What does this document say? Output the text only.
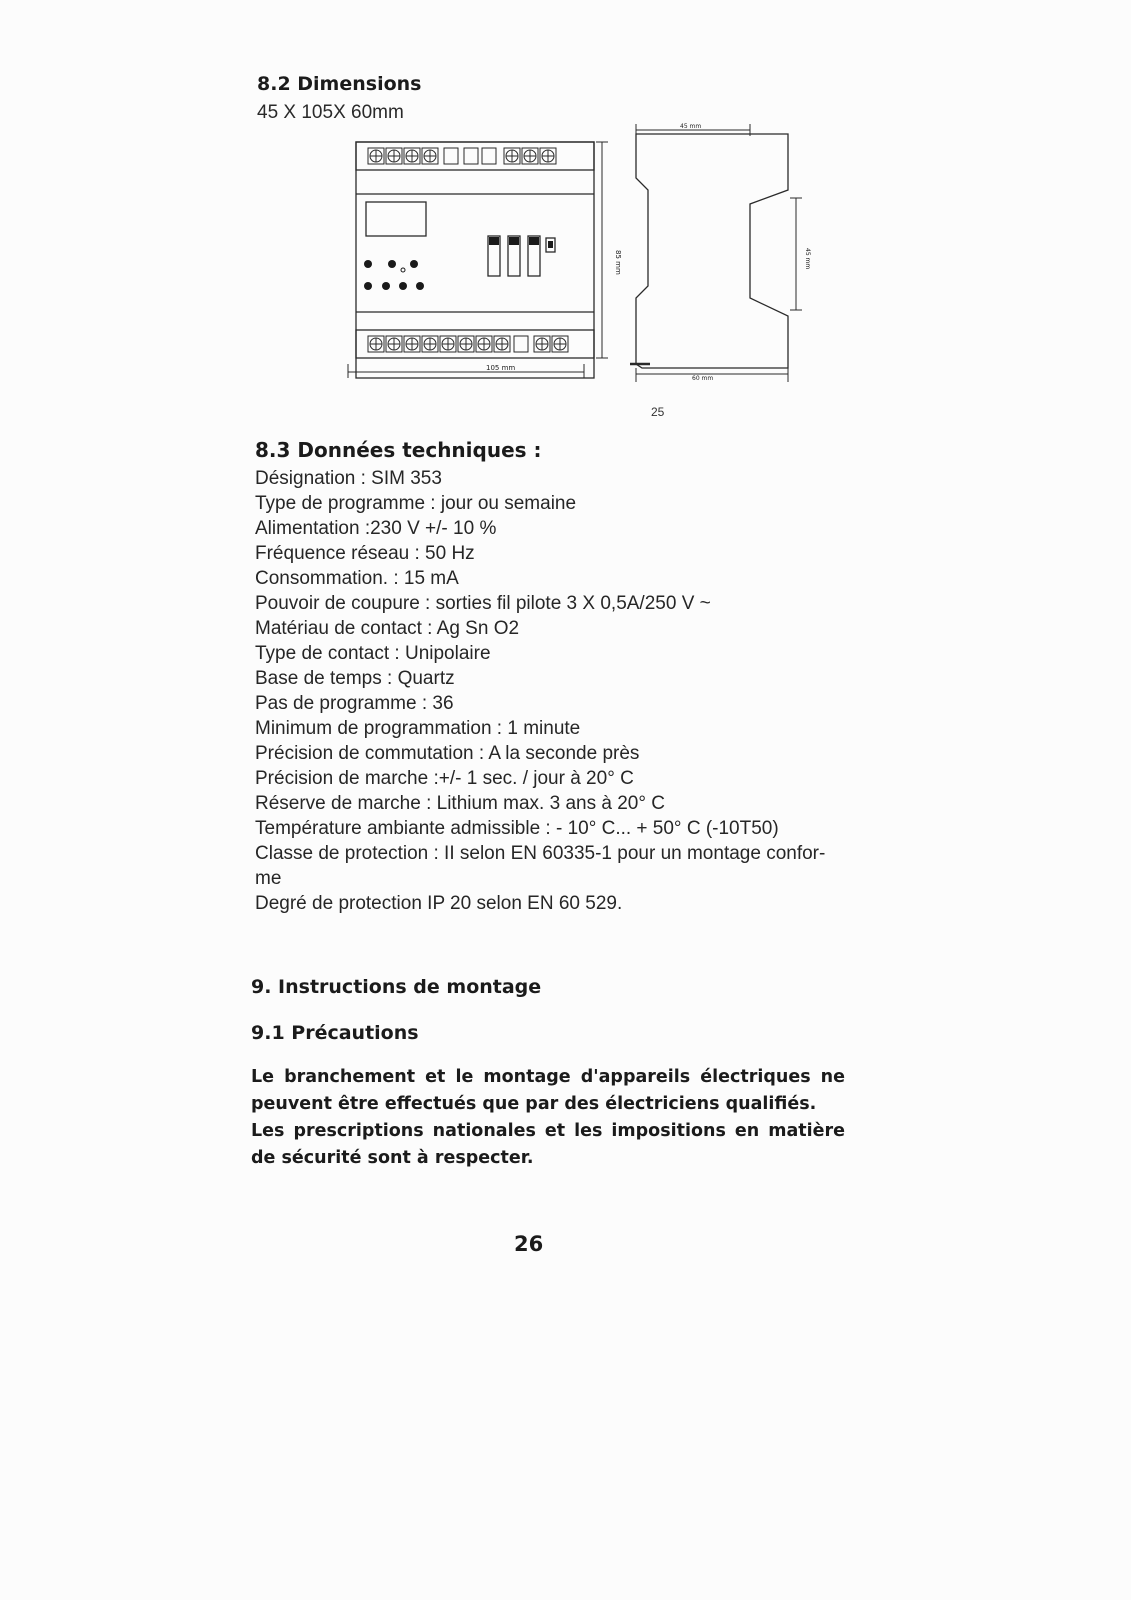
8.2 Dimensions
45 X 105X 60mm
105 mm
85 mm
45 mm
45 mm
60 mm
25
8.3 Données techniques :
Désignation : SIM 353
Type de programme : jour ou semaine
Alimentation :230 V +/- 10 %
Fréquence réseau : 50 Hz
Consommation. : 15 mA
Pouvoir de coupure : sorties fil pilote 3 X 0,5A/250 V ~
Matériau de contact : Ag Sn O2
Type de contact : Unipolaire
Base de temps : Quartz
Pas de programme : 36
Minimum de programmation : 1 minute
Précision de commutation : A la seconde près
Précision de marche :+/- 1 sec. / jour à 20° C
Réserve de marche : Lithium max. 3 ans à 20° C
Température ambiante admissible : - 10° C... + 50° C (-10T50)
Classe de protection : II selon EN 60335-1 pour un montage confor-me
Degré de protection IP 20 selon EN 60 529.
9. Instructions de montage
9.1 Précautions

Le branchement et le montage d'appareils électriques ne peuvent être effectués que par des électriciens qualifiés.
Les prescriptions nationales et les impositions en matière de sécurité sont à respecter.

26
